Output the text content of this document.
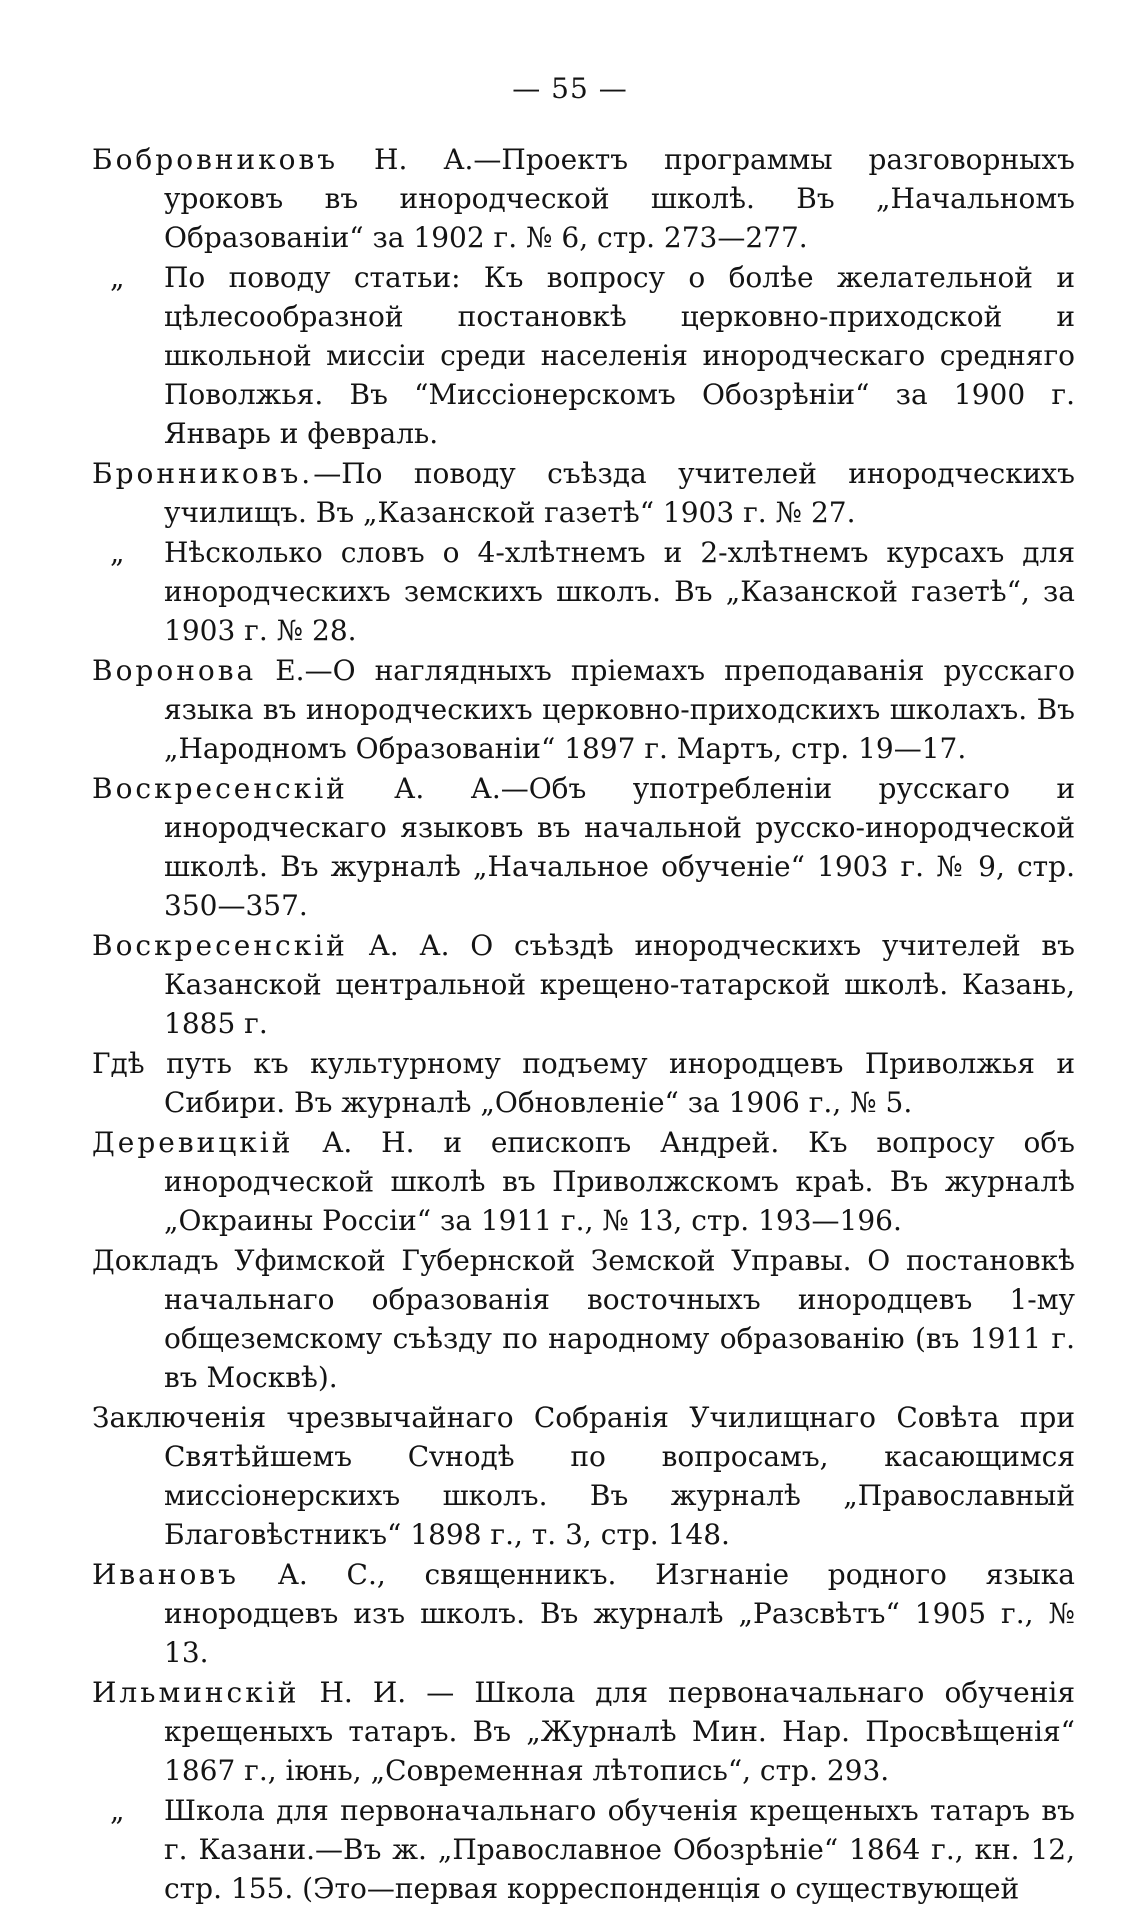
— 55 —
Бобровниковъ Н. А.—Проектъ программы разговорныхъ уроковъ въ инородческой школѣ. Въ „Начальномъ Образованіи“ за 1902 г. № 6, стр. 273—277.
„ По поводу статьи: Къ вопросу о болѣе желательной и цѣлесообразной постановкѣ церковно-приходской и школьной миссіи среди населенія инородческаго средняго Поволжья. Въ “Миссіонерскомъ Обозрѣніи“ за 1900 г. Январь и февраль.
Бронниковъ.—По поводу съѣзда учителей инородческихъ училищъ. Въ „Казанской газетѣ“ 1903 г. № 27.
„ Нѣсколько словъ о 4-хлѣтнемъ и 2-хлѣтнемъ курсахъ для инородческихъ земскихъ школъ. Въ „Казанской газетѣ“, за 1903 г. № 28.
Воронова Е.—О наглядныхъ пріемахъ преподаванія русскаго языка въ инородческихъ церковно-приходскихъ школахъ. Въ „Народномъ Образованіи“ 1897 г. Мартъ, стр. 19—17.
Воскресенскій А. А.—Объ употребленіи русскаго и инородческаго языковъ въ начальной русско-инородческой школѣ. Въ журналѣ „Начальное обученіе“ 1903 г. № 9, стр. 350—357.
Воскресенскій А. А. О съѣздѣ инородческихъ учителей въ Казанской центральной крещено-татарской школѣ. Казань, 1885 г.
Гдѣ путь къ культурному подъему инородцевъ Приволжья и Сибири. Въ журналѣ „Обновленіе“ за 1906 г., № 5.
Деревицкій А. Н. и епископъ Андрей. Къ вопросу объ инородческой школѣ въ Приволжскомъ краѣ. Въ журналѣ „Окраины Россіи“ за 1911 г., № 13, стр. 193—196.
Докладъ Уфимской Губернской Земской Управы. О постановкѣ начальнаго образованія восточныхъ инородцевъ 1-му общеземскому съѣзду по народному образованію (въ 1911 г. въ Москвѣ).
Заключенія чрезвычайнаго Собранія Училищнаго Совѣта при Святѣйшемъ Сvнодѣ по вопросамъ, касающимся миссіонерскихъ школъ. Въ журналѣ „Православный Благовѣстникъ“ 1898 г., т. 3, стр. 148.
Ивановъ А. С., священникъ. Изгнаніе родного языка инородцевъ изъ школъ. Въ журналѣ „Разсвѣтъ“ 1905 г., № 13.
Ильминскій Н. И. — Школа для первоначальнаго обученія крещеныхъ татаръ. Въ „Журналѣ Мин. Нар. Просвѣщенія“ 1867 г., іюнь, „Современная лѣтопись“, стр. 293.
„ Школа для первоначальнаго обученія крещеныхъ татаръ въ г. Казани.—Въ ж. „Православное Обозрѣніе“ 1864 г., кн. 12, стр. 155. (Это—первая корреспонденція о существующей
